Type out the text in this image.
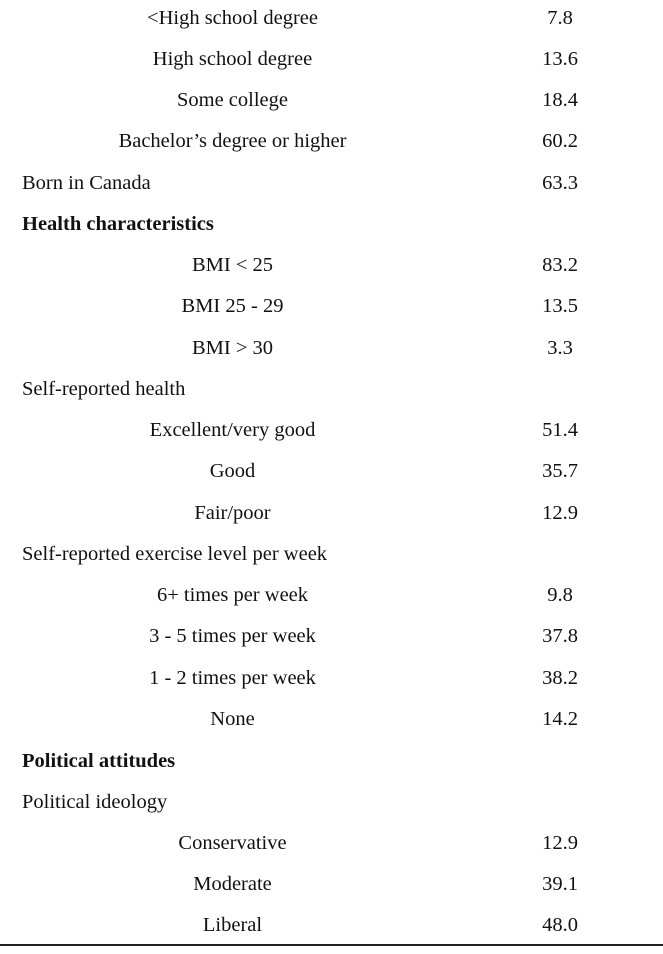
<High school degree	7.8
High school degree	13.6
Some college	18.4
Bachelor’s degree or higher	60.2
Born in Canada	63.3
Health characteristics
BMI < 25	83.2
BMI 25 - 29	13.5
BMI > 30	3.3
Self-reported health
Excellent/very good	51.4
Good	35.7
Fair/poor	12.9
Self-reported exercise level per week
6+ times per week	9.8
3 - 5 times per week	37.8
1 - 2 times per week	38.2
None	14.2
Political attitudes
Political ideology
Conservative	12.9
Moderate	39.1
Liberal	48.0
